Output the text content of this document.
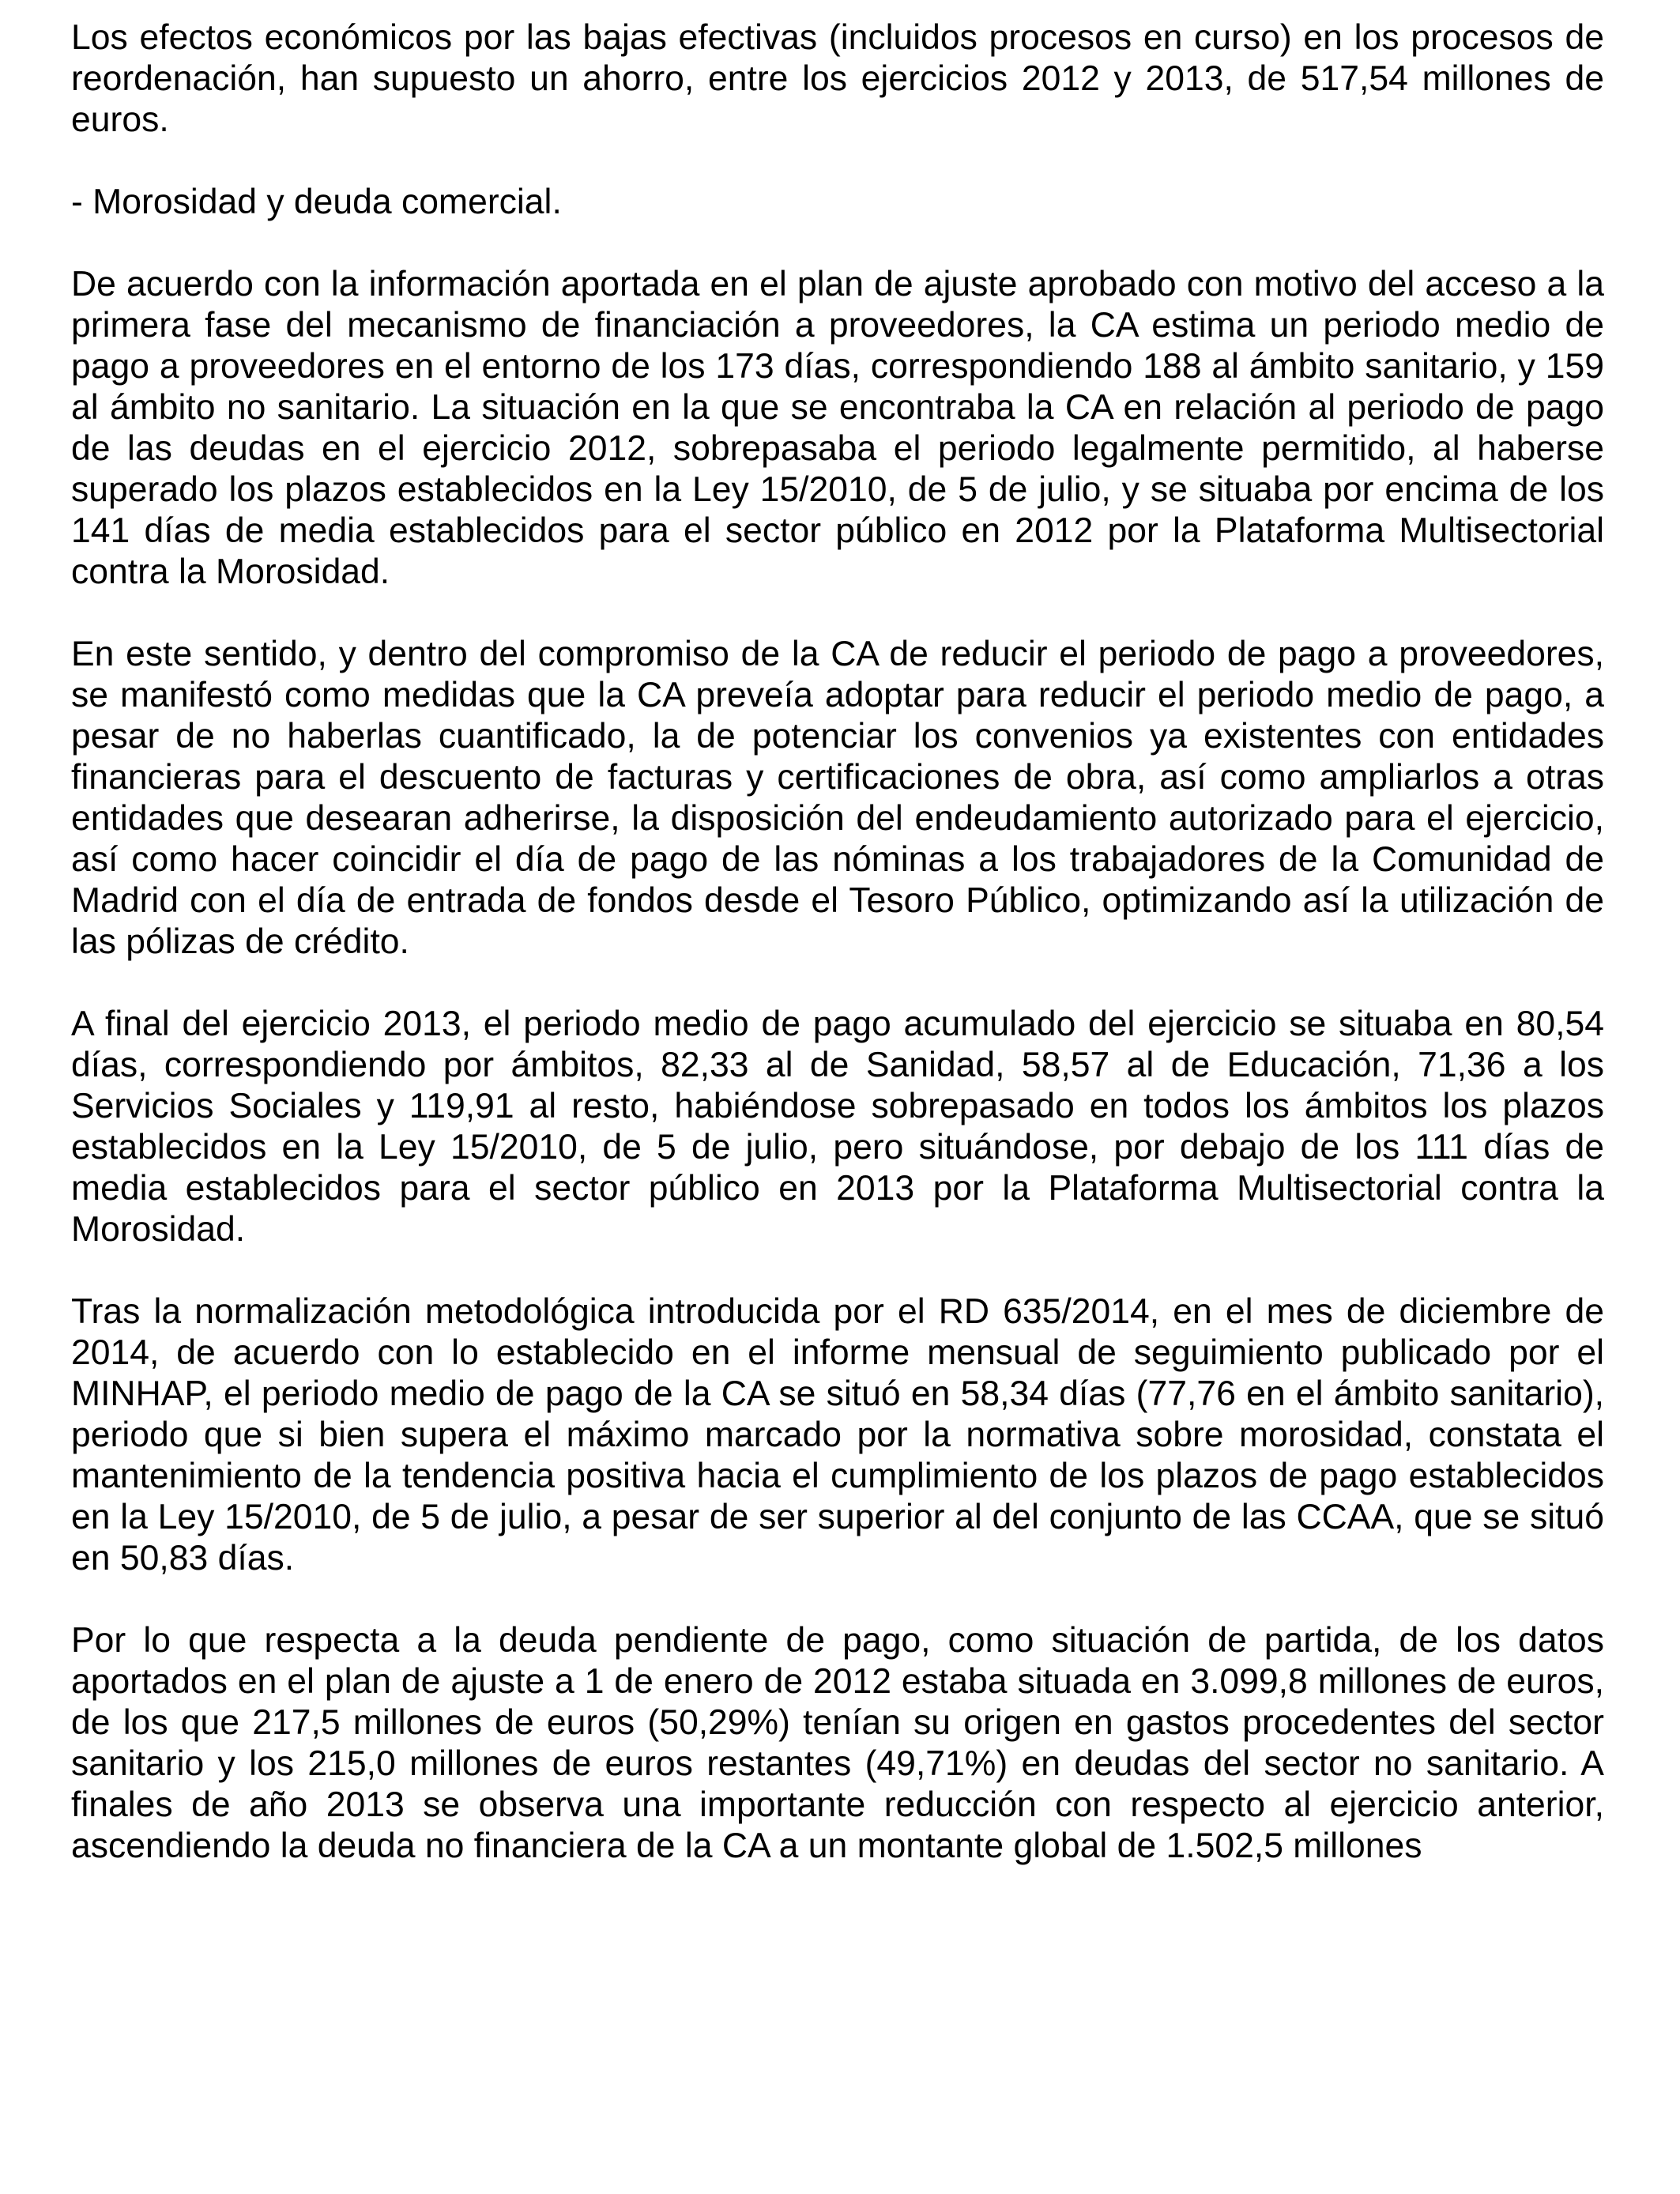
Los efectos económicos por las bajas efectivas (incluidos procesos en curso) en los procesos de reordenación, han supuesto un ahorro, entre los ejercicios 2012 y 2013, de 517,54 millones de euros.

- Morosidad y deuda comercial.

De acuerdo con la información aportada en el plan de ajuste aprobado con motivo del acceso a la primera fase del mecanismo de financiación a proveedores, la CA estima un periodo medio de pago a proveedores en el entorno de los 173 días, correspondiendo 188 al ámbito sanitario, y 159 al ámbito no sanitario. La situación en la que se encontraba la CA en relación al periodo de pago de las deudas en el ejercicio 2012, sobrepasaba el periodo legalmente permitido, al haberse superado los plazos establecidos en la Ley 15/2010, de 5 de julio, y se situaba por encima de los 141 días de media establecidos para el sector público en 2012 por la Plataforma Multisectorial contra la Morosidad.

En este sentido, y dentro del compromiso de la CA de reducir el periodo de pago a proveedores, se manifestó como medidas que la CA preveía adoptar para reducir el periodo medio de pago, a pesar de no haberlas cuantificado, la de potenciar los convenios ya existentes con entidades financieras para el descuento de facturas y certificaciones de obra, así como ampliarlos a otras entidades que desearan adherirse, la disposición del endeudamiento autorizado para el ejercicio, así como hacer coincidir el día de pago de las nóminas a los trabajadores de la Comunidad de Madrid con el día de entrada de fondos desde el Tesoro Público, optimizando así la utilización de las pólizas de crédito.

A final del ejercicio 2013, el periodo medio de pago acumulado del ejercicio se situaba en 80,54 días, correspondiendo por ámbitos, 82,33 al de Sanidad, 58,57 al de Educación, 71,36 a los Servicios Sociales y 119,91 al resto, habiéndose sobrepasado en todos los ámbitos los plazos establecidos en la Ley 15/2010, de 5 de julio, pero situándose, por debajo de los 111 días de media establecidos para el sector público en 2013 por la Plataforma Multisectorial contra la Morosidad.

Tras la normalización metodológica introducida por el RD 635/2014, en el mes de diciembre de 2014, de acuerdo con lo establecido en el informe mensual de seguimiento publicado por el MINHAP, el periodo medio de pago de la CA se situó en 58,34 días (77,76 en el ámbito sanitario), periodo que si bien supera el máximo marcado por la normativa sobre morosidad, constata el mantenimiento de la tendencia positiva hacia el cumplimiento de los plazos de pago establecidos en la Ley 15/2010, de 5 de julio, a pesar de ser superior al del conjunto de las CCAA, que se situó en 50,83 días.

Por lo que respecta a la deuda pendiente de pago, como situación de partida, de los datos aportados en el plan de ajuste a 1 de enero de 2012 estaba situada en 3.099,8 millones de euros, de los que 217,5 millones de euros (50,29%) tenían su origen en gastos procedentes del sector sanitario y los 215,0 millones de euros restantes (49,71%) en deudas del sector no sanitario. A finales de año 2013 se observa una importante reducción con respecto al ejercicio anterior, ascendiendo la deuda no financiera de la CA a un montante global de 1.502,5 millones
